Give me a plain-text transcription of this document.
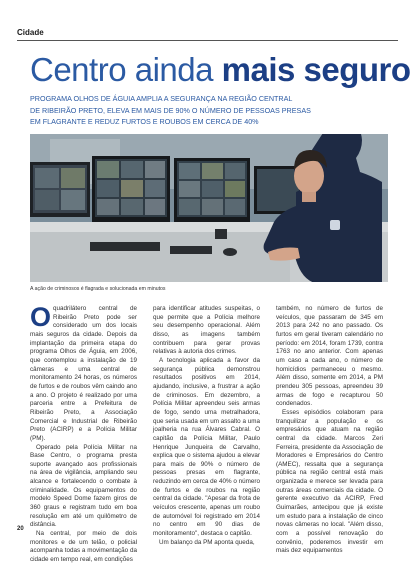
Cidade
Centro ainda mais seguro
PROGRAMA OLHOS DE ÁGUIA AMPLIA A SEGURANÇA NA REGIÃO CENTRAL
DE RIBEIRÃO PRETO, ELEVA EM MAIS DE 90% O NÚMERO DE PESSOAS PRESAS
EM FLAGRANTE E REDUZ FURTOS E ROUBOS EM CERCA DE 40%
A ação de criminosos é flagrada e solucionada em minutos
O quadrilátero central de Ribeirão Preto pode ser considerado um dos locais mais seguros da cidade. Depois da implantação da primeira etapa do programa Olhos de Águia, em 2006, que contemplou a instalação de 19 câmeras e uma central de monitoramento 24 horas, os números de furtos e de roubos vêm caindo ano a ano. O projeto é realizado por uma parceria entre a Prefeitura de Ribeirão Preto, a Associação Comercial e Industrial de Ribeirão Preto (ACIRP) e a Polícia Militar (PM).

Operado pela Polícia Militar na Base Centro, o programa presta suporte avançado aos profissionais na área de vigilância, ampliando seu alcance e fortalecendo o combate à criminalidade. Os equipamentos do modelo Speed Dome fazem giros de 360 graus e registram tudo em boa resolução em até um quilômetro de distância.

Na central, por meio de dois monitores e de um telão, o policial acompanha todas a movimentação da cidade em tempo real, em condições

para identificar atitudes suspeitas, o que permite que a Polícia melhore seu desempenho operacional. Além disso, as imagens também contribuem para gerar provas relativas à autoria dos crimes.

A tecnologia aplicada a favor da segurança pública demonstrou resultados positivos em 2014, ajudando, inclusive, a frustrar a ação de criminosos. Em dezembro, a Polícia Militar apreendeu seis armas de fogo, sendo uma metralhadora, que seria usada em um assalto a uma joalheria na rua Álvares Cabral. O capitão da Polícia Militar, Paulo Henrique Junqueira de Carvalho, explica que o sistema ajudou a elevar para mais de 90% o número de pessoas presas em flagrante, reduzindo em cerca de 40% o número de furtos e de roubos na região central da cidade. "Apesar da frota de veículos crescente, apenas um roubo de automóvel foi registrado em 2014 no centro em 90 dias de monitoramento", destaca o capitão.

Um balanço da PM aponta queda,

também, no número de furtos de veículos, que passaram de 345 em 2013 para 242 no ano passado. Os furtos em geral tiveram calendário no período: em 2014, foram 1739, contra 1763 no ano anterior. Com apenas um caso a cada ano, o número de homicídios permaneceu o mesmo. Além disso, somente em 2014, a PM prendeu 305 pessoas, apreendeu 39 armas de fogo e recapturou 50 condenados.

Esses episódios colaboram para tranquilizar a população e os empresários que atuam na região central da cidade. Marcos Zeri Ferreira, presidente da Associação de Moradores e Empresários do Centro (AMEC), ressalta que a segurança pública na região central está mais organizada e merece ser levada para outras áreas comerciais da cidade. O gerente executivo da ACIRP, Fred Guimarães, antecipou que já existe um estudo para a instalação de cinco novas câmeras no local. "Além disso, com a possível renovação do convênio, poderemos investir em mais dez equipamentos

20
